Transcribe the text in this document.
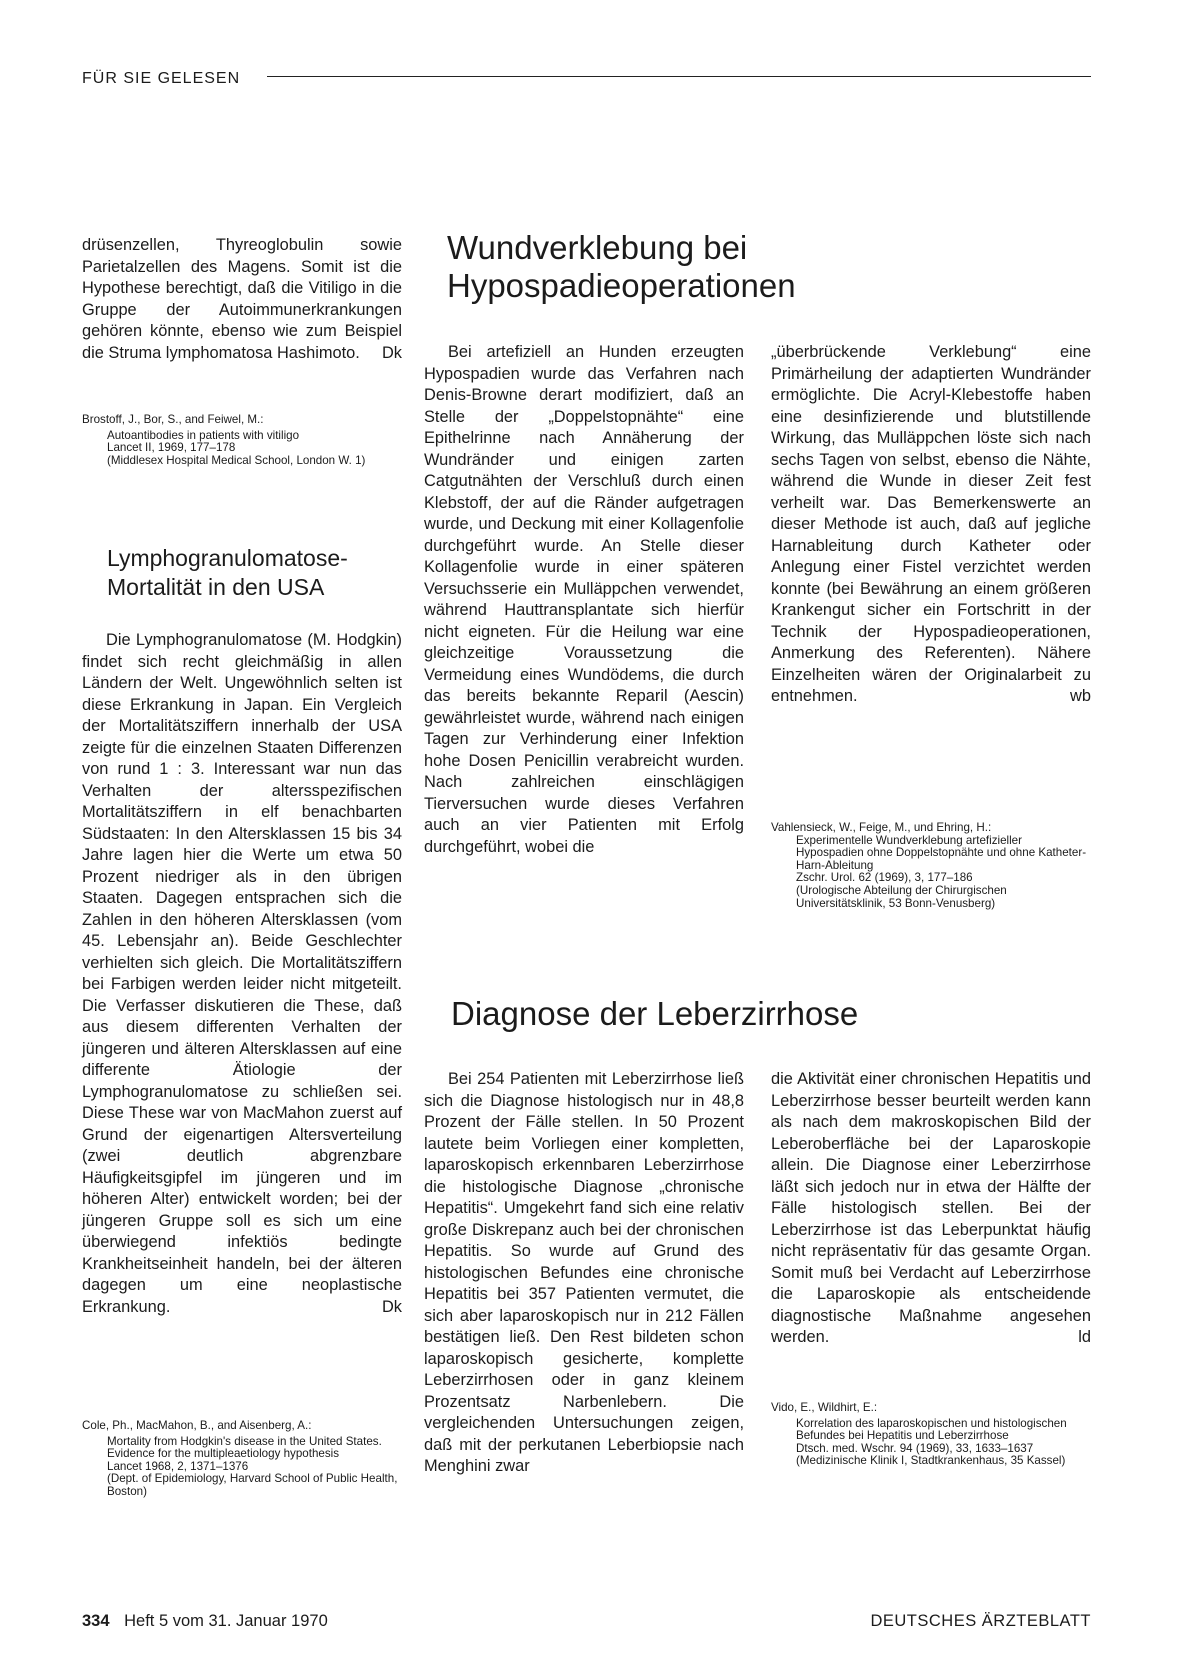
FÜR SIE GELESEN

drüsenzellen, Thyreoglobulin sowie Parietalzellen des Magens. Somit ist die Hypothese berechtigt, daß die Vitiligo in die Gruppe der Autoimmunerkrankungen gehören könnte, ebenso wie zum Beispiel die Struma lymphomatosa Hashimoto.	Dk
Brostoff, J., Bor, S., and Feiwel, M.:
Autoantibodies in patients with vitiligo
Lancet II, 1969, 177–178
(Middlesex Hospital Medical School, London W. 1)
Lymphogranulomatose-
Mortalität in den USA

Die Lymphogranulomatose (M. Hodgkin) findet sich recht gleichmäßig in allen Ländern der Welt. Ungewöhnlich selten ist diese Erkrankung in Japan. Ein Vergleich der Mortalitätsziffern innerhalb der USA zeigte für die einzelnen Staaten Differenzen von rund 1 : 3. Interessant war nun das Verhalten der altersspezifischen Mortalitätsziffern in elf benachbarten Südstaaten: In den Altersklassen 15 bis 34 Jahre lagen hier die Werte um etwa 50 Prozent niedriger als in den übrigen Staaten. Dagegen entsprachen sich die Zahlen in den höheren Altersklassen (vom 45. Lebensjahr an). Beide Geschlechter verhielten sich gleich. Die Mortalitätsziffern bei Farbigen werden leider nicht mitgeteilt. Die Verfasser diskutieren die These, daß aus diesem differenten Verhalten der jüngeren und älteren Altersklassen auf eine differente Ätiologie der Lymphogranulomatose zu schließen sei. Diese These war von MacMahon zuerst auf Grund der eigenartigen Altersverteilung (zwei deutlich abgrenzbare Häufigkeitsgipfel im jüngeren und im höheren Alter) entwickelt worden; bei der jüngeren Gruppe soll es sich um eine überwiegend infektiös bedingte Krankheitseinheit handeln, bei der älteren dagegen um eine neoplastische Erkrankung.	Dk
Cole, Ph., MacMahon, B., and Aisenberg, A.:
Mortality from Hodgkin's disease in the United States. Evidence for the multipleaetiology hypothesis
Lancet 1968, 2, 1371–1376
(Dept. of Epidemiology, Harvard School of Public Health, Boston)
Wundverklebung bei
Hypospadieoperationen

Bei artefiziell an Hunden erzeugten Hypospadien wurde das Verfahren nach Denis-Browne derart modifiziert, daß an Stelle der „Doppelstopnähte“ eine Epithelrinne nach Annäherung der Wundränder und einigen zarten Catgutnähten der Verschluß durch einen Klebstoff, der auf die Ränder aufgetragen wurde, und Deckung mit einer Kollagenfolie durchgeführt wurde. An Stelle dieser Kollagenfolie wurde in einer späteren Versuchsserie ein Mulläppchen verwendet, während Hauttransplantate sich hierfür nicht eigneten. Für die Heilung war eine gleichzeitige Voraussetzung die Vermeidung eines Wundödems, die durch das bereits bekannte Reparil (Aescin) gewährleistet wurde, während nach einigen Tagen zur Verhinderung einer Infektion hohe Dosen Penicillin verabreicht wurden. Nach zahlreichen einschlägigen Tierversuchen wurde dieses Verfahren auch an vier Patienten mit Erfolg durchgeführt, wobei die

„überbrückende Verklebung“ eine Primärheilung der adaptierten Wundränder ermöglichte. Die Acryl-Klebestoffe haben eine desinfizierende und blutstillende Wirkung, das Mulläppchen löste sich nach sechs Tagen von selbst, ebenso die Nähte, während die Wunde in dieser Zeit fest verheilt war. Das Bemerkenswerte an dieser Methode ist auch, daß auf jegliche Harnableitung durch Katheter oder Anlegung einer Fistel verzichtet werden konnte (bei Bewährung an einem größeren Krankengut sicher ein Fortschritt in der Technik der Hypospadieoperationen, Anmerkung des Referenten). Nähere Einzelheiten wären der Originalarbeit zu entnehmen.	wb
Vahlensieck, W., Feige, M., und Ehring, H.:
Experimentelle Wundverklebung artefizieller Hypospadien ohne Doppelstopnähte und ohne Katheter-Harn-Ableitung
Zschr. Urol. 62 (1969), 3, 177–186
(Urologische Abteilung der Chirurgischen Universitätsklinik, 53 Bonn-Venusberg)
Diagnose der Leberzirrhose

Bei 254 Patienten mit Leberzirrhose ließ sich die Diagnose histologisch nur in 48,8 Prozent der Fälle stellen. In 50 Prozent lautete beim Vorliegen einer kompletten, laparoskopisch erkennbaren Leberzirrhose die histologische Diagnose „chronische Hepatitis“. Umgekehrt fand sich eine relativ große Diskrepanz auch bei der chronischen Hepatitis. So wurde auf Grund des histologischen Befundes eine chronische Hepatitis bei 357 Patienten vermutet, die sich aber laparoskopisch nur in 212 Fällen bestätigen ließ. Den Rest bildeten schon laparoskopisch gesicherte, komplette Leberzirrhosen oder in ganz kleinem Prozentsatz Narbenlebern. Die vergleichenden Untersuchungen zeigen, daß mit der perkutanen Leberbiopsie nach Menghini zwar

die Aktivität einer chronischen Hepatitis und Leberzirrhose besser beurteilt werden kann als nach dem makroskopischen Bild der Leberoberfläche bei der Laparoskopie allein. Die Diagnose einer Leberzirrhose läßt sich jedoch nur in etwa der Hälfte der Fälle histologisch stellen. Bei der Leberzirrhose ist das Leberpunktat häufig nicht repräsentativ für das gesamte Organ. Somit muß bei Verdacht auf Leberzirrhose die Laparoskopie als entscheidende diagnostische Maßnahme angesehen werden.	ld
Vido, E., Wildhirt, E.:
Korrelation des laparoskopischen und histologischen Befundes bei Hepatitis und Leberzirrhose
Dtsch. med. Wschr. 94 (1969), 33, 1633–1637
(Medizinische Klinik I, Stadtkrankenhaus, 35 Kassel)
334 Heft 5 vom 31. Januar 1970	DEUTSCHES ÄRZTEBLATT
